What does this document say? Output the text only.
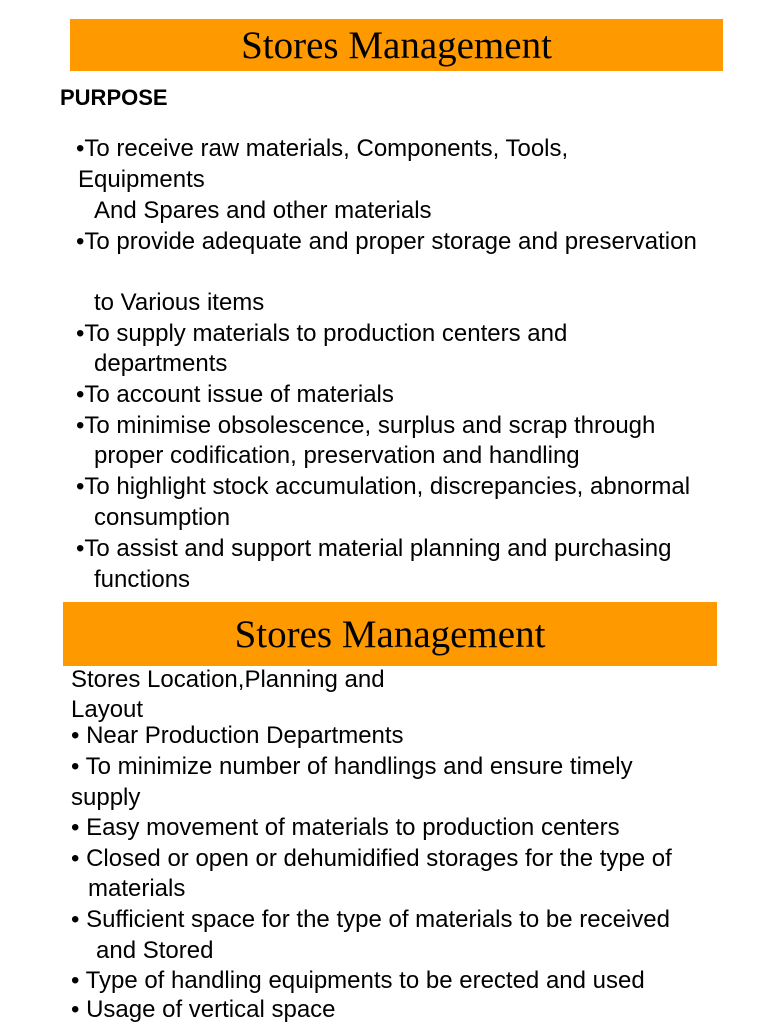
Stores Management
PURPOSE
•To receive raw materials, Components, Tools,
Equipments
And Spares and other materials
•To provide adequate and proper storage and preservation
to Various items
•To supply materials to production centers and
departments
•To account issue of materials
•To minimise obsolescence, surplus and scrap through
proper codification, preservation and handling
•To highlight stock accumulation, discrepancies, abnormal
consumption
•To assist and support material planning and purchasing
functions
Stores Management
Stores Location,Planning and
Layout
• Near Production Departments
• To minimize number of handlings and ensure timely
supply
• Easy movement of materials to production centers
• Closed or open or dehumidified storages for the type of
materials
• Sufficient space for the type of materials to be received
and Stored
• Type of handling equipments to be erected and used
• Usage of vertical space
